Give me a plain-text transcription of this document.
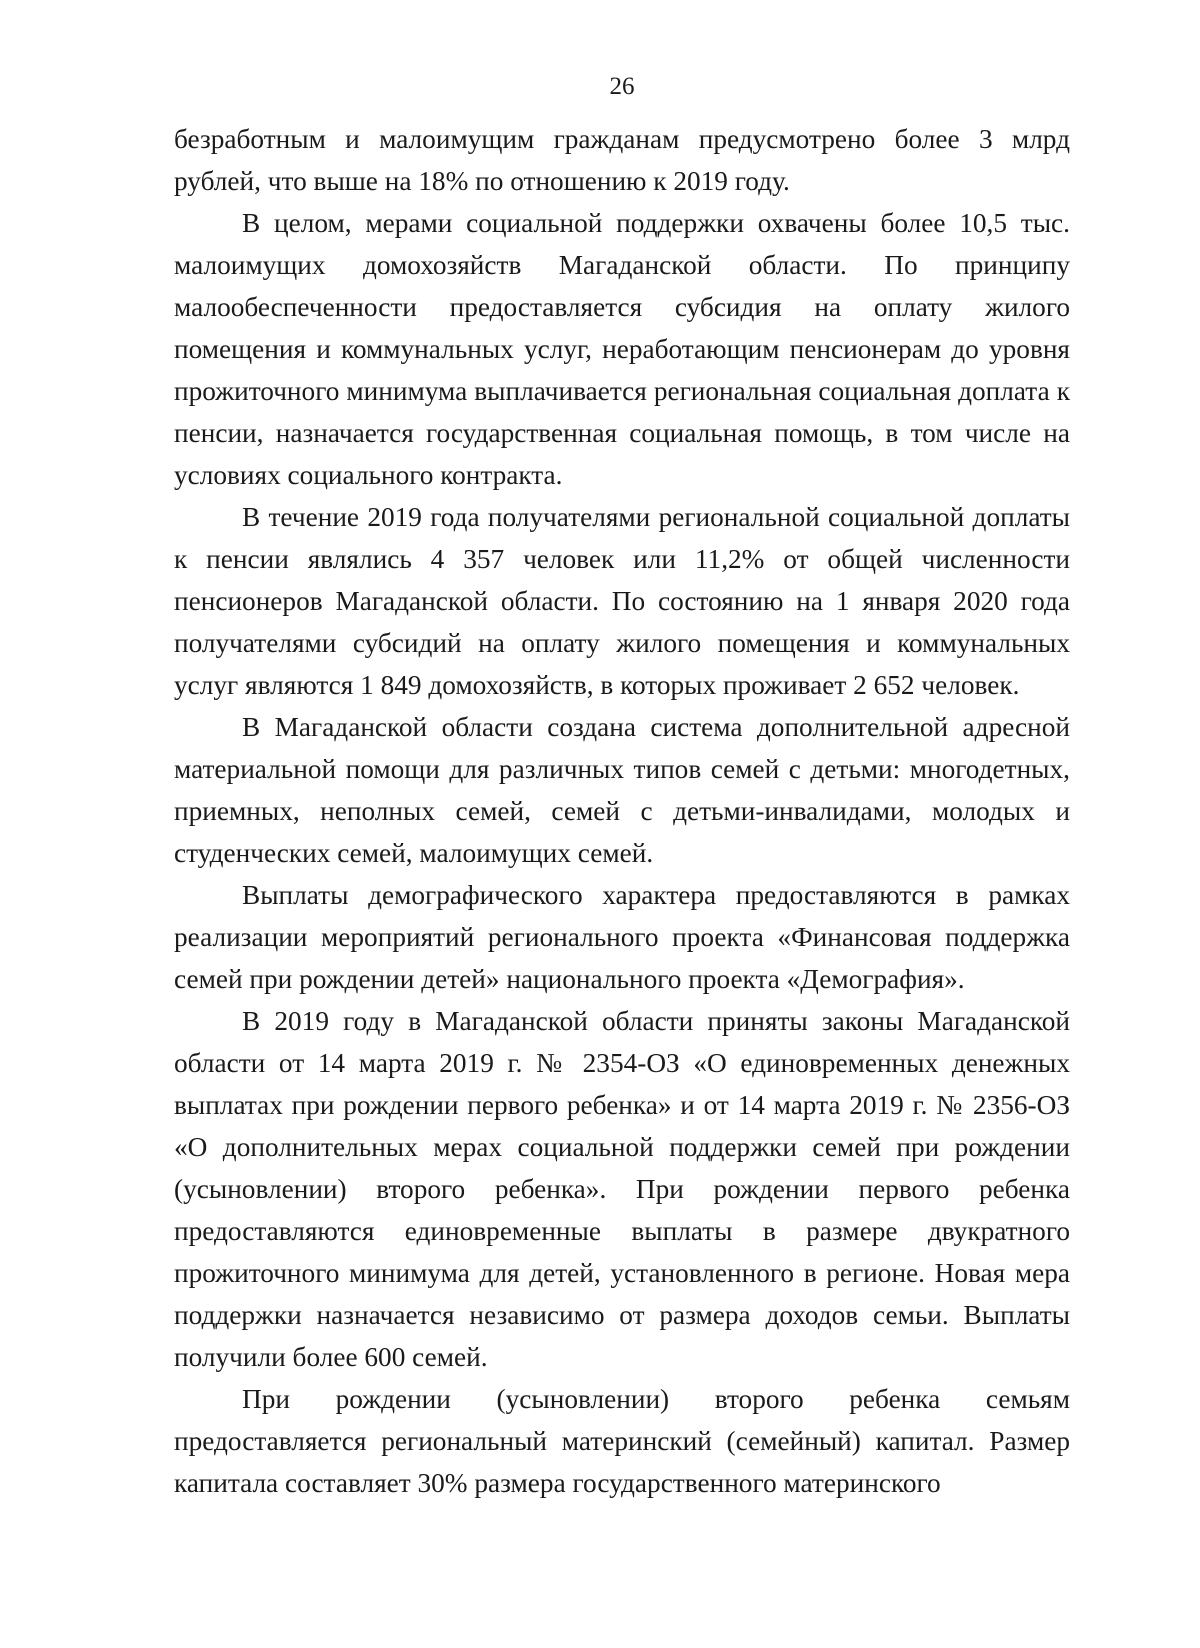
26

безработным и малоимущим гражданам предусмотрено более 3 млрд рублей, что выше на 18% по отношению к 2019 году.

В целом, мерами социальной поддержки охвачены более 10,5 тыс. малоимущих домохозяйств Магаданской области. По принципу малообеспеченности предоставляется субсидия на оплату жилого помещения и коммунальных услуг, неработающим пенсионерам до уровня прожиточного минимума выплачивается региональная социальная доплата к пенсии, назначается государственная социальная помощь, в том числе на условиях социального контракта.

В течение 2019 года получателями региональной социальной доплаты к пенсии являлись 4 357 человек или 11,2% от общей численности пенсионеров Магаданской области. По состоянию на 1 января 2020 года получателями субсидий на оплату жилого помещения и коммунальных услуг являются 1 849 домохозяйств, в которых проживает 2 652 человек.

В Магаданской области создана система дополнительной адресной материальной помощи для различных типов семей с детьми: многодетных, приемных, неполных семей, семей с детьми-инвалидами, молодых и студенческих семей, малоимущих семей.

Выплаты демографического характера предоставляются в рамках реализации мероприятий регионального проекта «Финансовая поддержка семей при рождении детей» национального проекта «Демография».

В 2019 году в Магаданской области приняты законы Магаданской области от 14 марта 2019 г. № 2354-ОЗ «О единовременных денежных выплатах при рождении первого ребенка» и от 14 марта 2019 г. № 2356-ОЗ «О дополнительных мерах социальной поддержки семей при рождении (усыновлении) второго ребенка». При рождении первого ребенка предоставляются единовременные выплаты в размере двукратного прожиточного минимума для детей, установленного в регионе. Новая мера поддержки назначается независимо от размера доходов семьи. Выплаты получили более 600 семей.

При рождении (усыновлении) второго ребенка семьям предоставляется региональный материнский (семейный) капитал. Размер капитала составляет 30% размера государственного материнского
